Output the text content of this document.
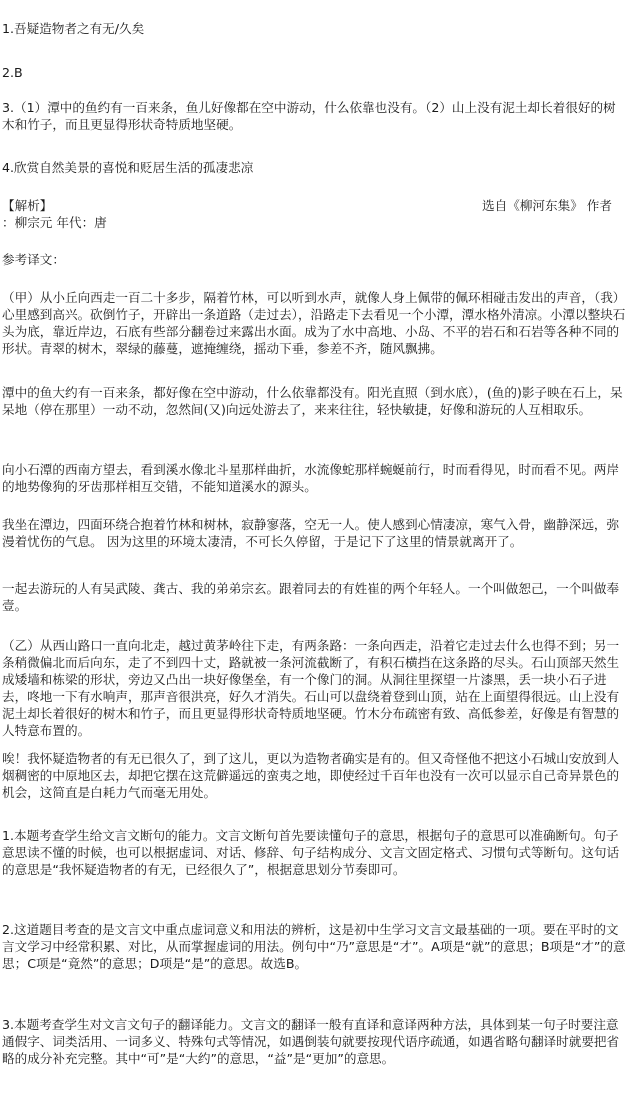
1.吾疑造物者之有无/久矣

2.B

3.（1）潭中的鱼约有一百来条，鱼儿好像都在空中游动，什么依靠也没有。（2）山上没有泥土却长着很好的树木和竹子，而且更显得形状奇特质地坚硬。

4.欣赏自然美景的喜悦和贬居生活的孤凄悲凉

【解析】	选自《柳河东集》 作者

：柳宗元 年代：唐

参考译文：

（甲）从小丘向西走一百二十多步，隔着竹林，可以听到水声，就像人身上佩带的佩环相碰击发出的声音，（我）心里感到高兴。砍倒竹子，开辟出一条道路（走过去），沿路走下去看见一个小潭，潭水格外清凉。小潭以整块石头为底，靠近岸边，石底有些部分翻卷过来露出水面。成为了水中高地、小岛、不平的岩石和石岩等各种不同的形状。青翠的树木，翠绿的藤蔓，遮掩缠绕，摇动下垂，参差不齐，随风飘拂。

潭中的鱼大约有一百来条，都好像在空中游动，什么依靠都没有。阳光直照（到水底），(鱼的)影子映在石上，呆呆地（停在那里）一动不动，忽然间(又)向远处游去了，来来往往，轻快敏捷，好像和游玩的人互相取乐。

向小石潭的西南方望去，看到溪水像北斗星那样曲折，水流像蛇那样蜿蜒前行，时而看得见，时而看不见。两岸的地势像狗的牙齿那样相互交错，不能知道溪水的源头。

我坐在潭边，四面环绕合抱着竹林和树林，寂静寥落，空无一人。使人感到心情凄凉，寒气入骨，幽静深远，弥漫着忧伤的气息。 因为这里的环境太凄清，不可长久停留，于是记下了这里的情景就离开了。

一起去游玩的人有吴武陵、龚古、我的弟弟宗玄。跟着同去的有姓崔的两个年轻人。一个叫做恕己，一个叫做奉壹。

（乙）从西山路口一直向北走，越过黄茅岭往下走，有两条路：一条向西走，沿着它走过去什么也得不到；另一条稍微偏北而后向东，走了不到四十丈，路就被一条河流截断了，有积石横挡在这条路的尽头。石山顶部天然生成矮墙和栋梁的形状，旁边又凸出一块好像堡垒，有一个像门的洞。从洞往里探望一片漆黑，丢一块小石子进去，咚地一下有水响声，那声音很洪亮，好久才消失。石山可以盘绕着登到山顶，站在上面望得很远。山上没有泥土却长着很好的树木和竹子，而且更显得形状奇特质地坚硬。竹木分布疏密有致、高低参差，好像是有智慧的人特意布置的。

唉！我怀疑造物者的有无已很久了，到了这儿，更以为造物者确实是有的。但又奇怪他不把这小石城山安放到人烟稠密的中原地区去，却把它摆在这荒僻遥远的蛮夷之地，即使经过千百年也没有一次可以显示自己奇异景色的机会，这简直是白耗力气而毫无用处。

1.本题考查学生给文言文断句的能力。文言文断句首先要读懂句子的意思，根据句子的意思可以准确断句。句子意思读不懂的时候，也可以根据虚词、对话、修辞、句子结构成分、文言文固定格式、习惯句式等断句。这句话的意思是“我怀疑造物者的有无，已经很久了”，根据意思划分节奏即可。

2.这道题目考查的是文言文中重点虚词意义和用法的辨析，这是初中生学习文言文最基础的一项。要在平时的文言文学习中经常积累、对比，从而掌握虚词的用法。例句中“乃”意思是“才”。A项是“就”的意思；B项是“才”的意思；C项是“竟然”的意思；D项是“是”的意思。故选B。

3.本题考查学生对文言文句子的翻译能力。文言文的翻译一般有直译和意译两种方法，具体到某一句子时要注意通假字、词类活用、一词多义、特殊句式等情况，如遇倒装句就要按现代语序疏通，如遇省略句翻译时就要把省略的成分补充完整。其中“可”是“大约”的意思，“益”是“更加”的意思。
